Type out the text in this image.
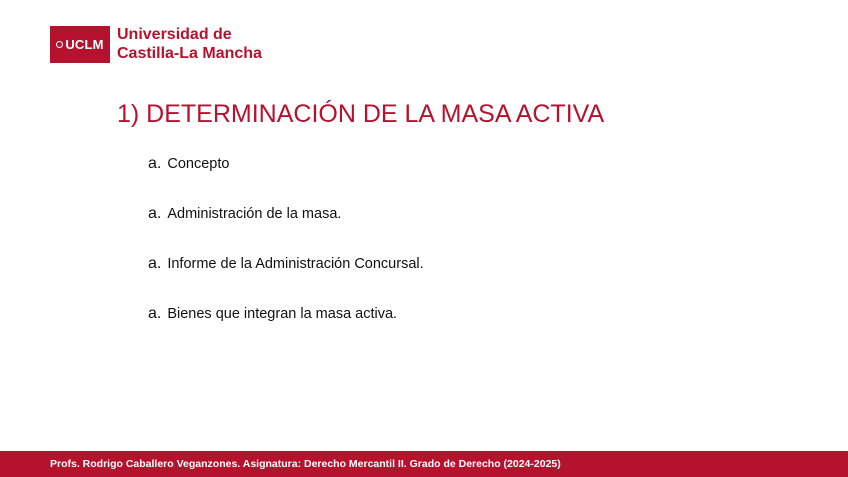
UCLM
Universidad de
Castilla-La Mancha
1) DETERMINACIÓN DE LA MASA ACTIVA
a. Concepto
a. Administración de la masa.
a. Informe de la Administración Concursal.
a. Bienes que integran la masa activa.
Profs. Rodrigo Caballero Veganzones. Asignatura: Derecho Mercantil II. Grado de Derecho (2024-2025)
